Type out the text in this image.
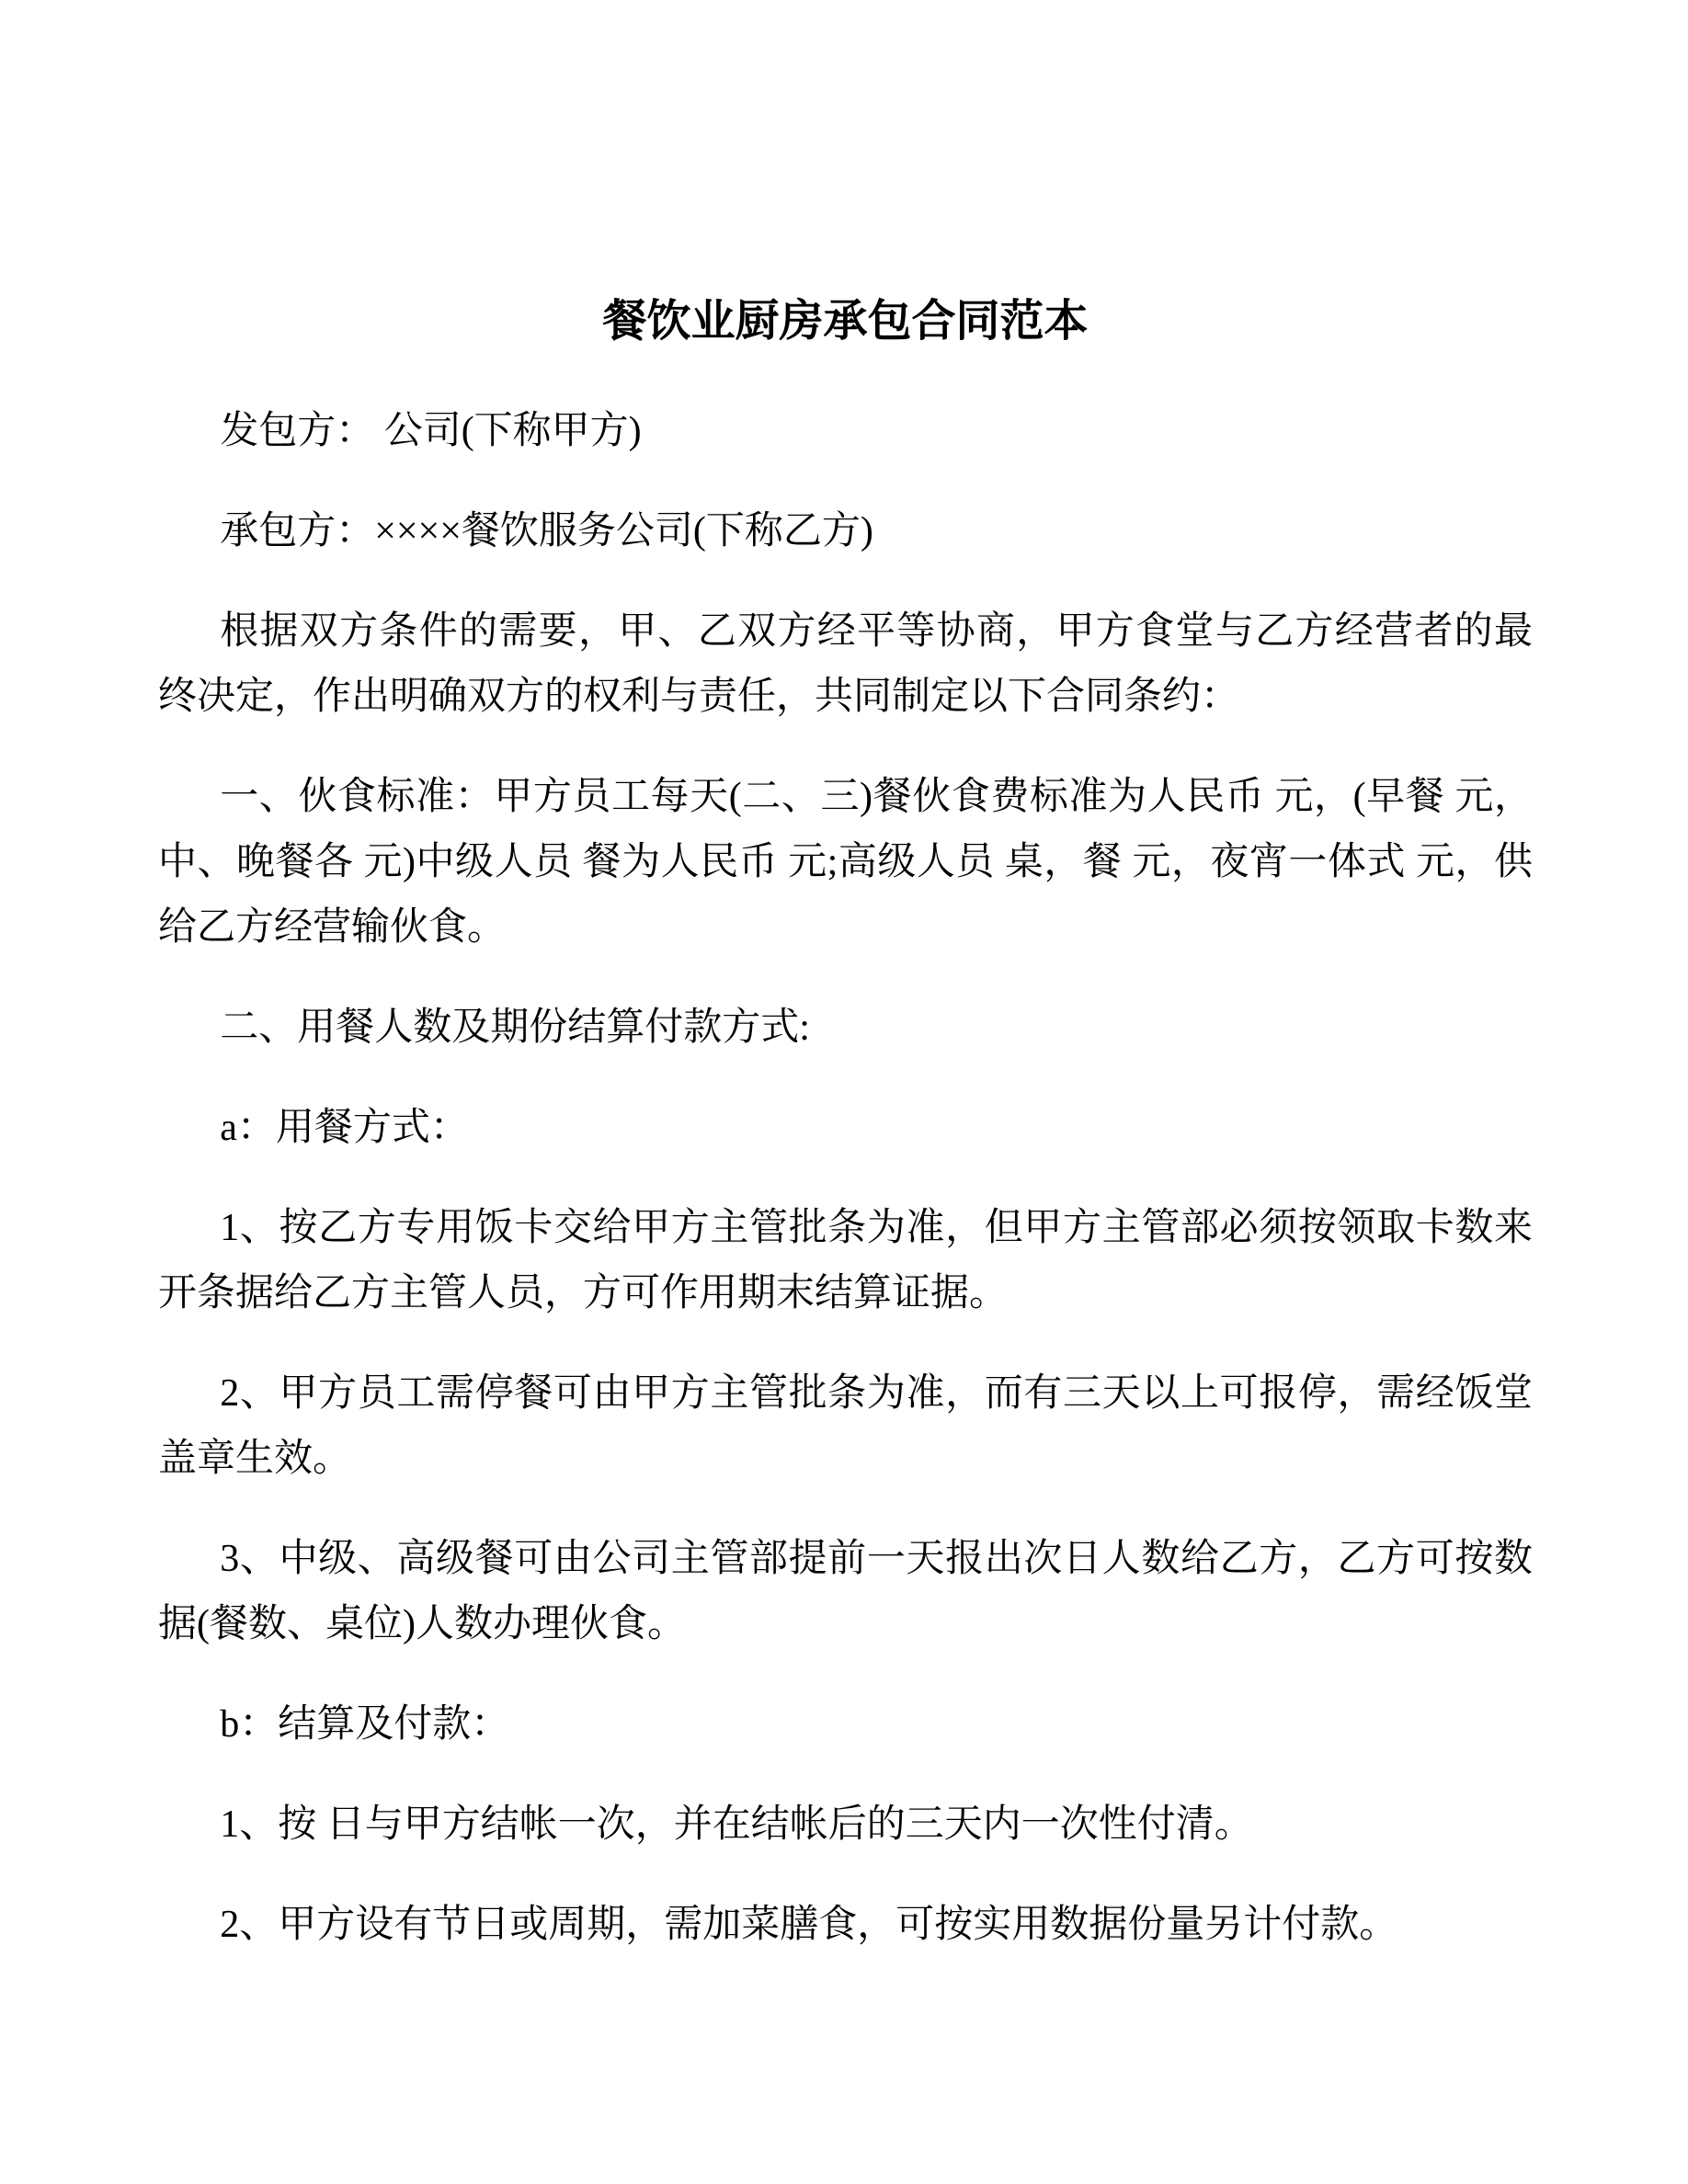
餐饮业厨房承包合同范本

发包方： 公司(下称甲方)

承包方：××××餐饮服务公司(下称乙方)

根据双方条件的需要，甲、乙双方经平等协商，甲方食堂与乙方经营者的最终决定，作出明确双方的权利与责任，共同制定以下合同条约：

一、伙食标准：甲方员工每天(二、三)餐伙食费标准为人民币 元，(早餐 元，中、晚餐各 元)中级人员 餐为人民币 元;高级人员 桌，餐 元，夜宵一体式 元，供给乙方经营输伙食。

二、用餐人数及期份结算付款方式:

a：用餐方式：

1、按乙方专用饭卡交给甲方主管批条为准，但甲方主管部必须按领取卡数来开条据给乙方主管人员，方可作用期末结算证据。

2、甲方员工需停餐可由甲方主管批条为准，而有三天以上可报停，需经饭堂盖章生效。

3、中级、高级餐可由公司主管部提前一天报出次日人数给乙方，乙方可按数据(餐数、桌位)人数办理伙食。

b：结算及付款：

1、按 日与甲方结帐一次，并在结帐后的三天内一次性付清。

2、甲方设有节日或周期，需加菜膳食，可按实用数据份量另计付款。
